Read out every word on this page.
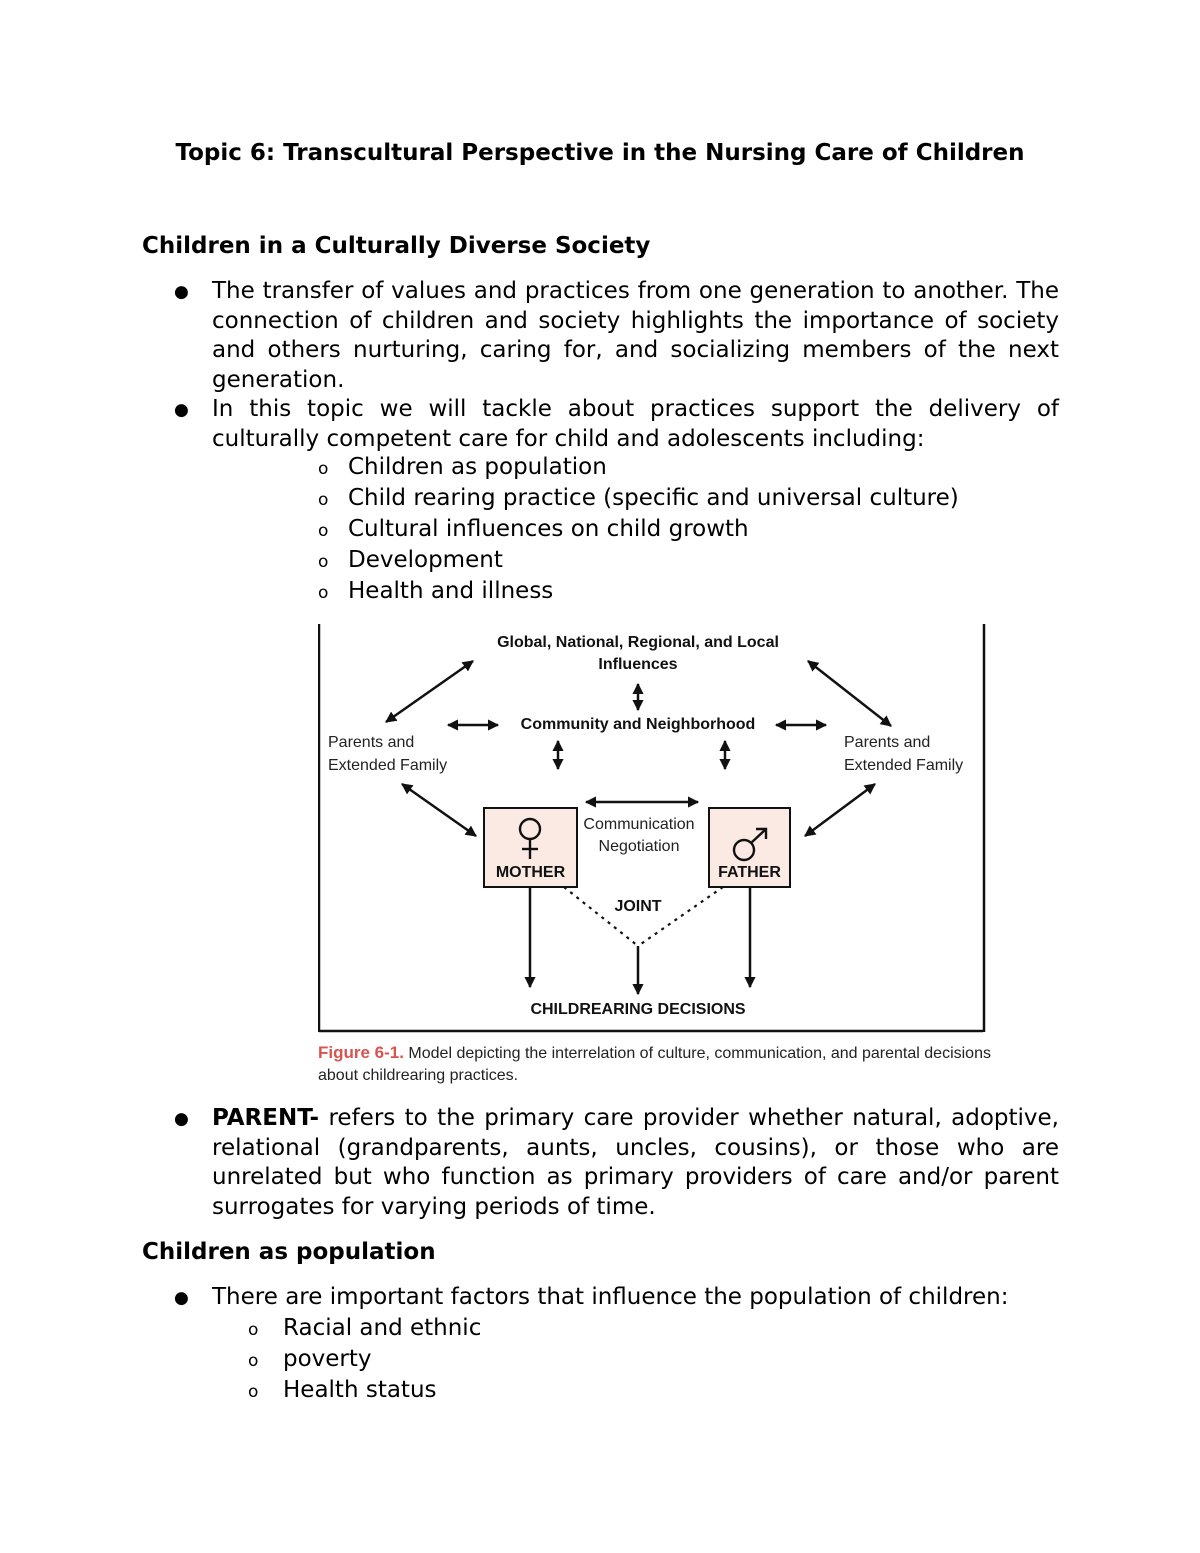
Topic 6: Transcultural Perspective in the Nursing Care of Children
Children in a Culturally Diverse Society
● The transfer of values and practices from one generation to another. The connection of children and society highlights the importance of society and others nurturing, caring for, and socializing members of the next generation.
● In this topic we will tackle about practices support the delivery of culturally competent care for child and adolescents including:
o Children as population
o Child rearing practice (specific and universal culture)
o Cultural influences on child growth
o Development
o Health and illness
Global, National, Regional, and Local
Influences
Community and Neighborhood
Parents and
Extended Family
Parents and
Extended Family
Communication
Negotiation
MOTHER	FATHER
JOINT
CHILDREARING DECISIONS
Figure 6-1. Model depicting the interrelation of culture, communication, and parental decisions about childrearing practices.
● PARENT- refers to the primary care provider whether natural, adoptive, relational (grandparents, aunts, uncles, cousins), or those who are unrelated but who function as primary providers of care and/or parent surrogates for varying periods of time.
Children as population
● There are important factors that influence the population of children:
o Racial and ethnic
o poverty
o Health status
